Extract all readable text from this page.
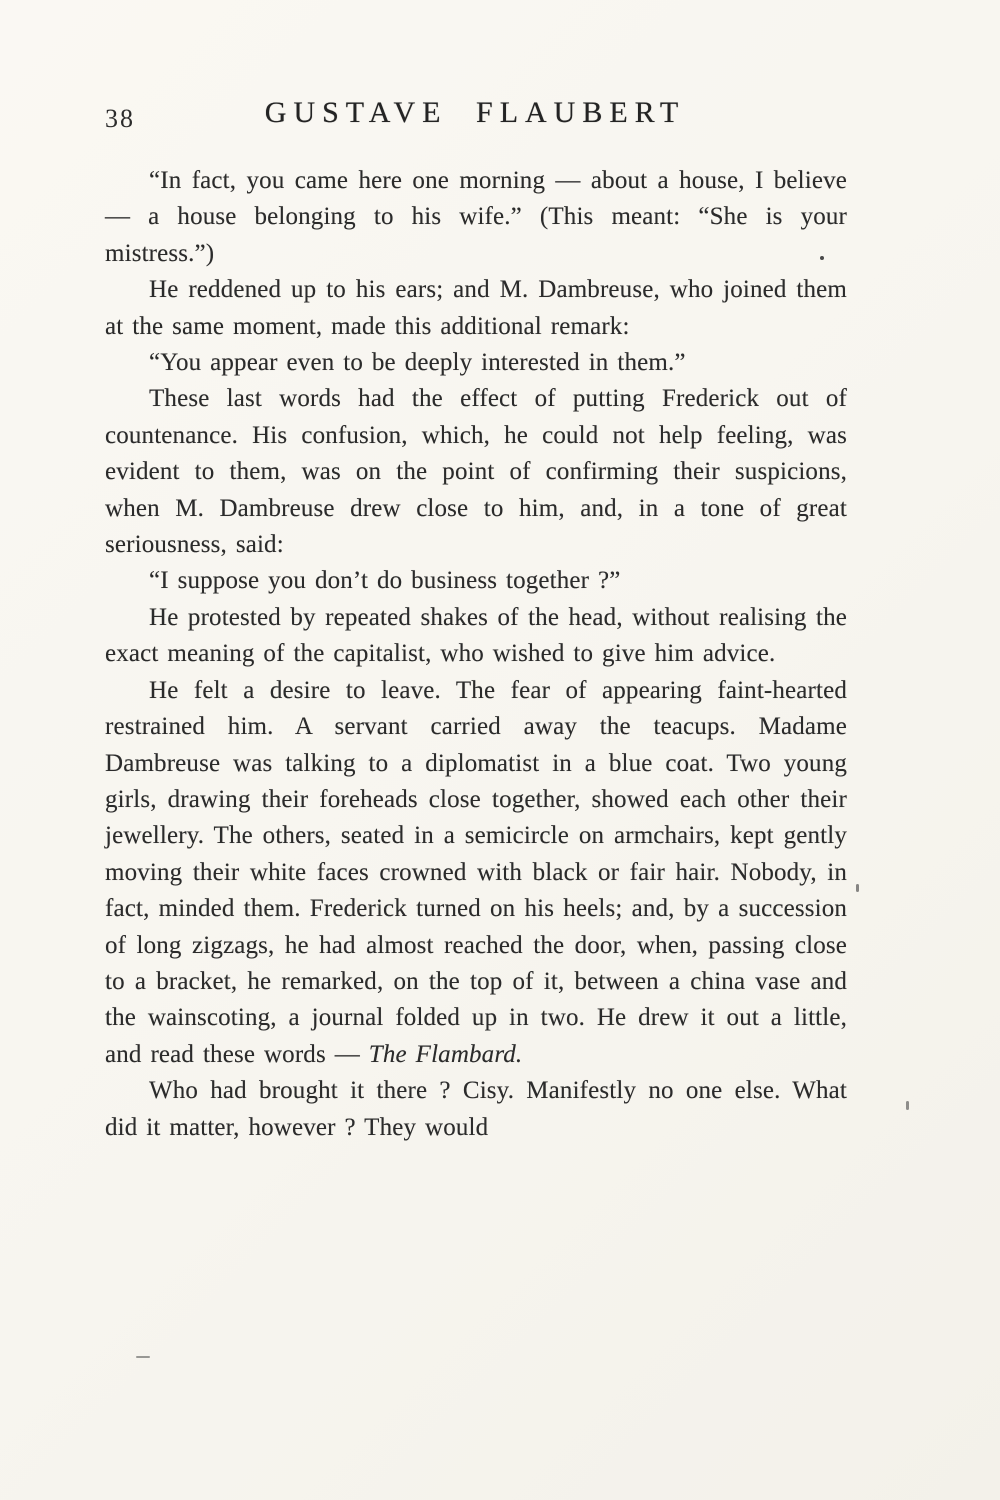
38	GUSTAVE FLAUBERT

“In fact, you came here one morning — about a house, I believe — a house belonging to his wife.” (This meant: “She is your mistress.”)

He reddened up to his ears; and M. Dambreuse, who joined them at the same moment, made this additional remark:

“You appear even to be deeply interested in them.”

These last words had the effect of putting Frederick out of countenance. His confusion, which, he could not help feeling, was evident to them, was on the point of confirming their suspicions, when M. Dambreuse drew close to him, and, in a tone of great seriousness, said:

“I suppose you don’t do business together ?”

He protested by repeated shakes of the head, without realising the exact meaning of the capitalist, who wished to give him advice.

He felt a desire to leave. The fear of appearing faint-hearted restrained him. A servant carried away the teacups. Madame Dambreuse was talking to a diplomatist in a blue coat. Two young girls, drawing their foreheads close together, showed each other their jewellery. The others, seated in a semicircle on armchairs, kept gently moving their white faces crowned with black or fair hair. Nobody, in fact, minded them. Frederick turned on his heels; and, by a succession of long zigzags, he had almost reached the door, when, passing close to a bracket, he remarked, on the top of it, between a china vase and the wainscoting, a journal folded up in two. He drew it out a little, and read these words — The Flambard.

Who had brought it there ? Cisy. Manifestly no one else. What did it matter, however ? They would
